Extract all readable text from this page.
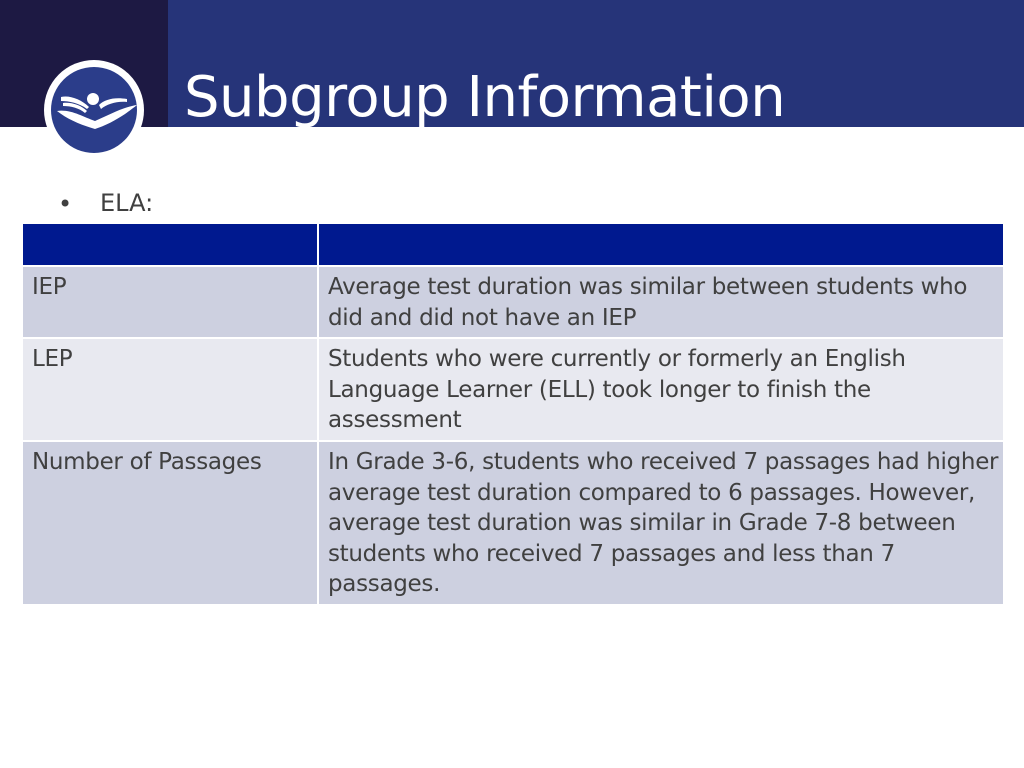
Subgroup Information
• ELA:

IEP	Average test duration was similar between students who did and did not have an IEP
LEP	Students who were currently or formerly an English Language Learner (ELL) took longer to finish the assessment
Number of Passages	In Grade 3-6, students who received 7 passages had higher average test duration compared to 6 passages. However, average test duration was similar in Grade 7-8 between students who received 7 passages and less than 7 passages.
